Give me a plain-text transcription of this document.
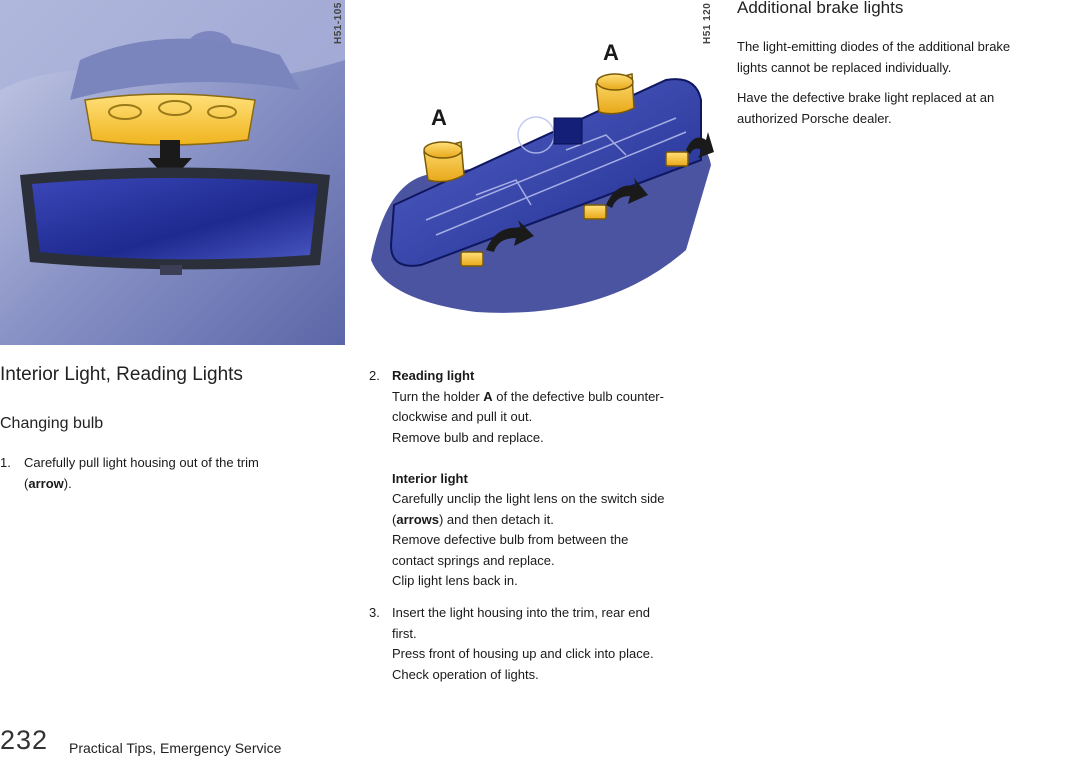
H51-105
A
A
H51 120
Interior Light, Reading Lights
Changing bulb
1. Carefully pull light housing out of the trim
(arrow).
2. Reading light
Turn the holder A of the defective bulb counter-
clockwise and pull it out.
Remove bulb and replace.
Interior light
Carefully unclip the light lens on the switch side
(arrows) and then detach it.
Remove defective bulb from between the
contact springs and replace.
Clip light lens back in.
3. Insert the light housing into the trim, rear end
first.
Press front of housing up and click into place.
Check operation of lights.
Additional brake lights
The light-emitting diodes of the additional brake
lights cannot be replaced individually.
Have the defective brake light replaced at an
authorized Porsche dealer.
232 Practical Tips, Emergency Service
